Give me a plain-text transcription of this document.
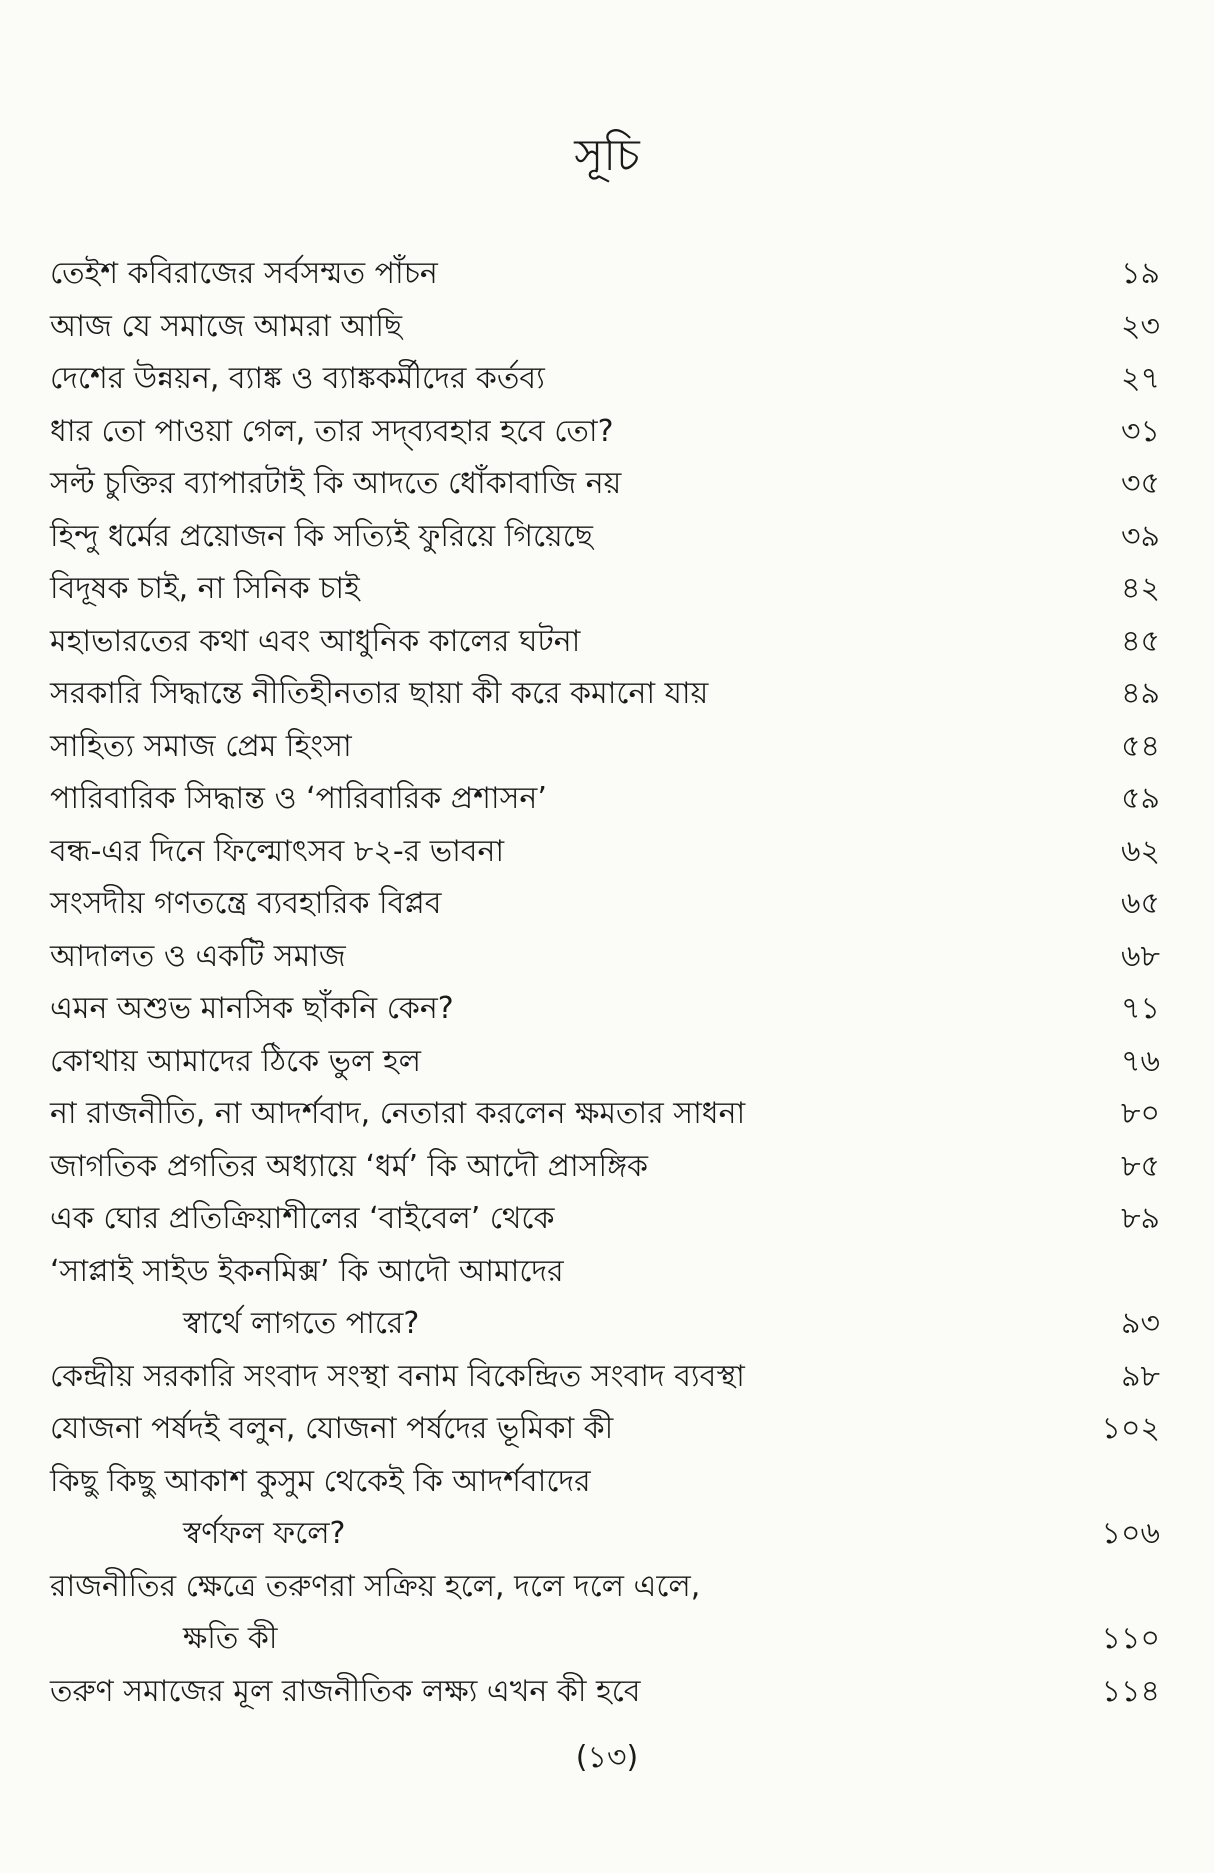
সূচি
তেইশ কবিরাজের সর্বসম্মত পাঁচন	১৯
আজ যে সমাজে আমরা আছি	২৩
দেশের উন্নয়ন, ব্যাঙ্ক ও ব্যাঙ্ককর্মীদের কর্তব্য	২৭
ধার তো পাওয়া গেল, তার সদ্‌ব্যবহার হবে তো?	৩১
সল্ট চুক্তির ব্যাপারটাই কি আদতে ধোঁকাবাজি নয়	৩৫
হিন্দু ধর্মের প্রয়োজন কি সত্যিই ফুরিয়ে গিয়েছে	৩৯
বিদূষক চাই, না সিনিক চাই	৪২
মহাভারতের কথা এবং আধুনিক কালের ঘটনা	৪৫
সরকারি সিদ্ধান্তে নীতিহীনতার ছায়া কী করে কমানো যায়	৪৯
সাহিত্য সমাজ প্রেম হিংসা	৫৪
পারিবারিক সিদ্ধান্ত ও ‘পারিবারিক প্রশাসন’	৫৯
বন্ধ-এর দিনে ফিল্মোৎসব ৮২-র ভাবনা	৬২
সংসদীয় গণতন্ত্রে ব্যবহারিক বিপ্লব	৬৫
আদালত ও একটি সমাজ	৬৮
এমন অশুভ মানসিক ছাঁকনি কেন?	৭১
কোথায় আমাদের ঠিকে ভুল হল	৭৬
না রাজনীতি, না আদর্শবাদ, নেতারা করলেন ক্ষমতার সাধনা	৮০
জাগতিক প্রগতির অধ্যায়ে ‘ধর্ম’ কি আদৌ প্রাসঙ্গিক	৮৫
এক ঘোর প্রতিক্রিয়াশীলের ‘বাইবেল’ থেকে	৮৯
‘সাপ্লাই সাইড ইকনমিক্স’ কি আদৌ আমাদের
স্বার্থে লাগতে পারে?	৯৩
কেন্দ্রীয় সরকারি সংবাদ সংস্থা বনাম বিকেন্দ্রিত সংবাদ ব্যবস্থা	৯৮
যোজনা পর্ষদই বলুন, যোজনা পর্ষদের ভূমিকা কী	১০২
কিছু কিছু আকাশ কুসুম থেকেই কি আদর্শবাদের
স্বর্ণফল ফলে?	১০৬
রাজনীতির ক্ষেত্রে তরুণরা সক্রিয় হলে, দলে দলে এলে,
ক্ষতি কী	১১০
তরুণ সমাজের মূল রাজনীতিক লক্ষ্য এখন কী হবে	১১৪
(১৩)
